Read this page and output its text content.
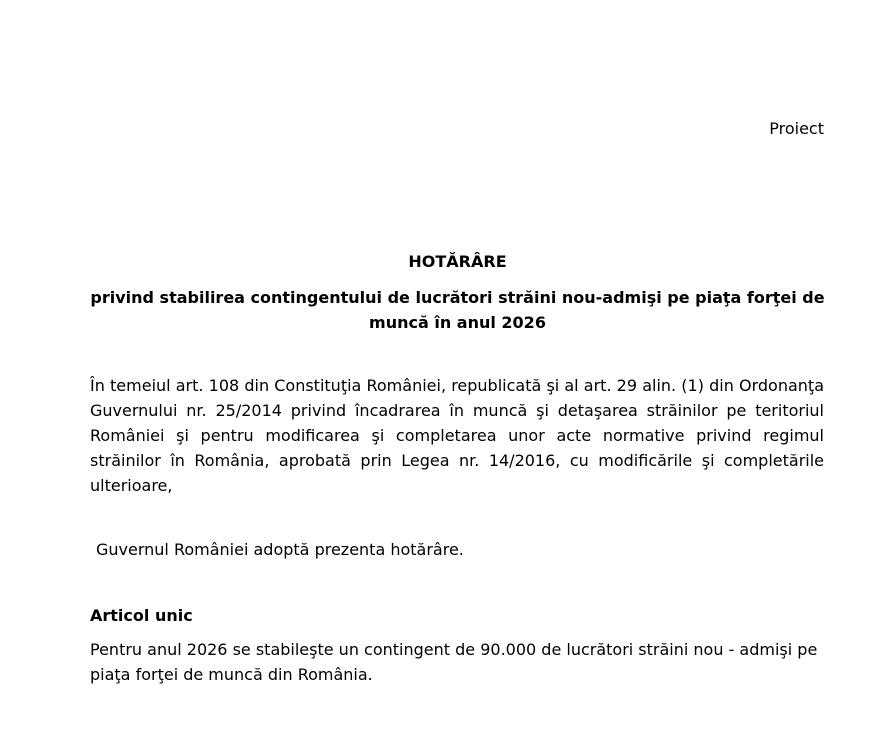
Proiect
HOTĂRÂRE
privind stabilirea contingentului de lucrători străini nou-admişi pe piaţa forţei de muncă în anul 2026
În temeiul art. 108 din Constituţia României, republicată şi al art. 29 alin. (1) din Ordonanţa Guvernului nr. 25/2014 privind încadrarea în muncă şi detaşarea străinilor pe teritoriul României şi pentru modificarea şi completarea unor acte normative privind regimul străinilor în România, aprobată prin Legea nr. 14/2016, cu modificările şi completările ulterioare,
Guvernul României adoptă prezenta hotărâre.
Articol unic
Pentru anul 2026 se stabileşte un contingent de 90.000 de lucrători străini nou - admişi pe piaţa forţei de muncă din România.
